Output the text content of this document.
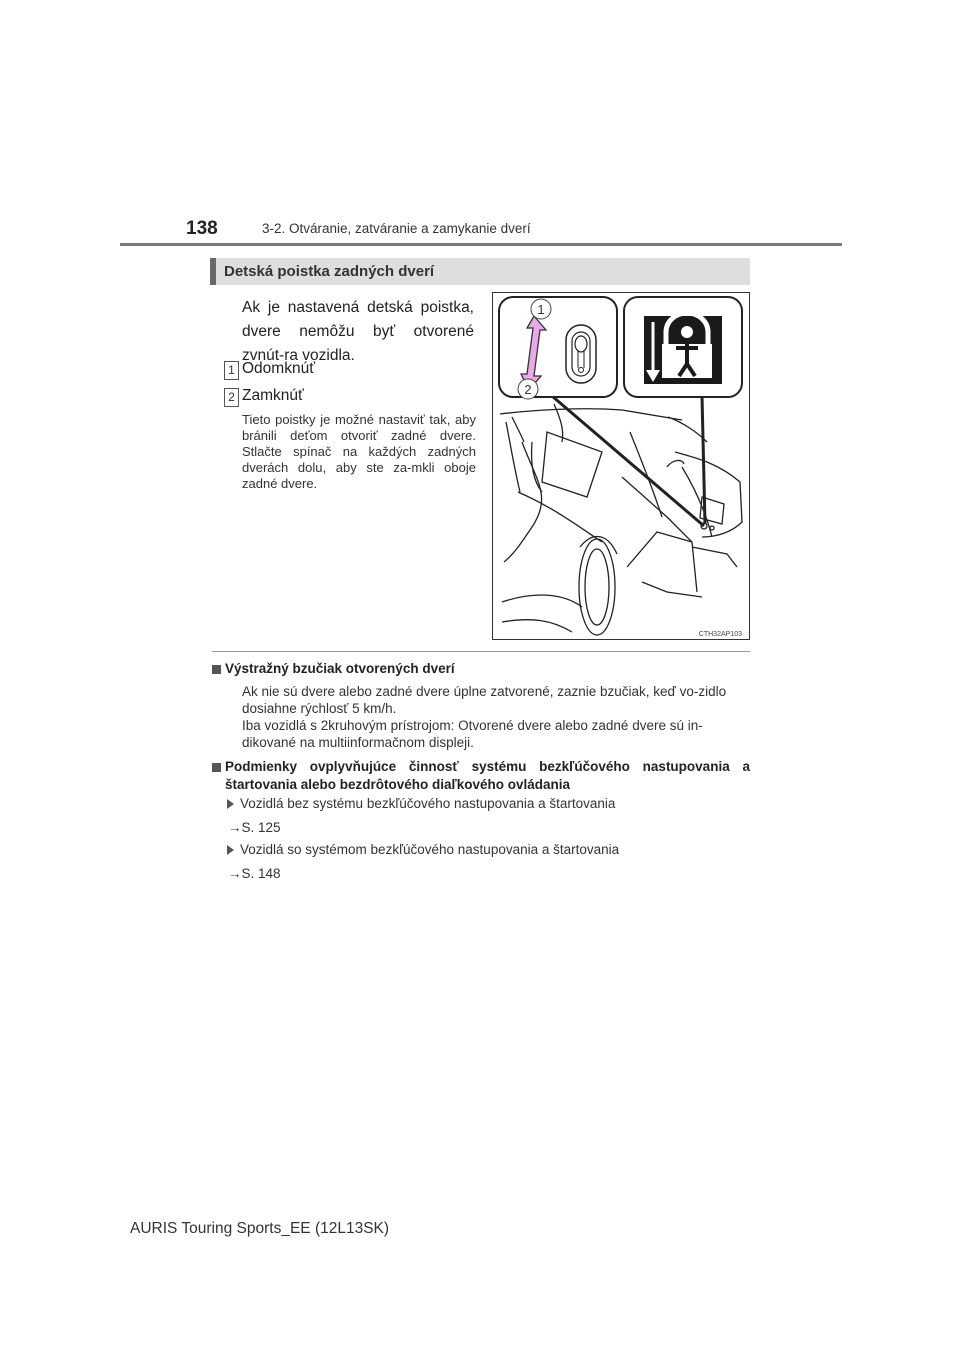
138	3-2. Otváranie, zatváranie a zamykanie dverí
Detská poistka zadných dverí
Ak je nastavená detská poistka, dvere nemôžu byť otvorené zvnút-ra vozidla.
1 Odomknúť
2 Zamknúť
Tieto poistky je možné nastaviť tak, aby bránili deťom otvoriť zadné dvere. Stlačte spínač na každých zadných dverách dolu, aby ste za-mkli oboje zadné dvere.
1
2
CTH32AP103
Výstražný bzučiak otvorených dverí
Ak nie sú dvere alebo zadné dvere úplne zatvorené, zaznie bzučiak, keď vo-zidlo dosiahne rýchlosť 5 km/h.
Iba vozidlá s 2kruhovým prístrojom: Otvorené dvere alebo zadné dvere sú in-dikované na multiinformačnom displeji.
Podmienky ovplyvňujúce činnosť systému bezkľúčového nastupovania a štartovania alebo bezdrôtového diaľkového ovládania
Vozidlá bez systému bezkľúčového nastupovania a štartovania
→S. 125
Vozidlá so systémom bezkľúčového nastupovania a štartovania
→S. 148
AURIS Touring Sports_EE (12L13SK)
